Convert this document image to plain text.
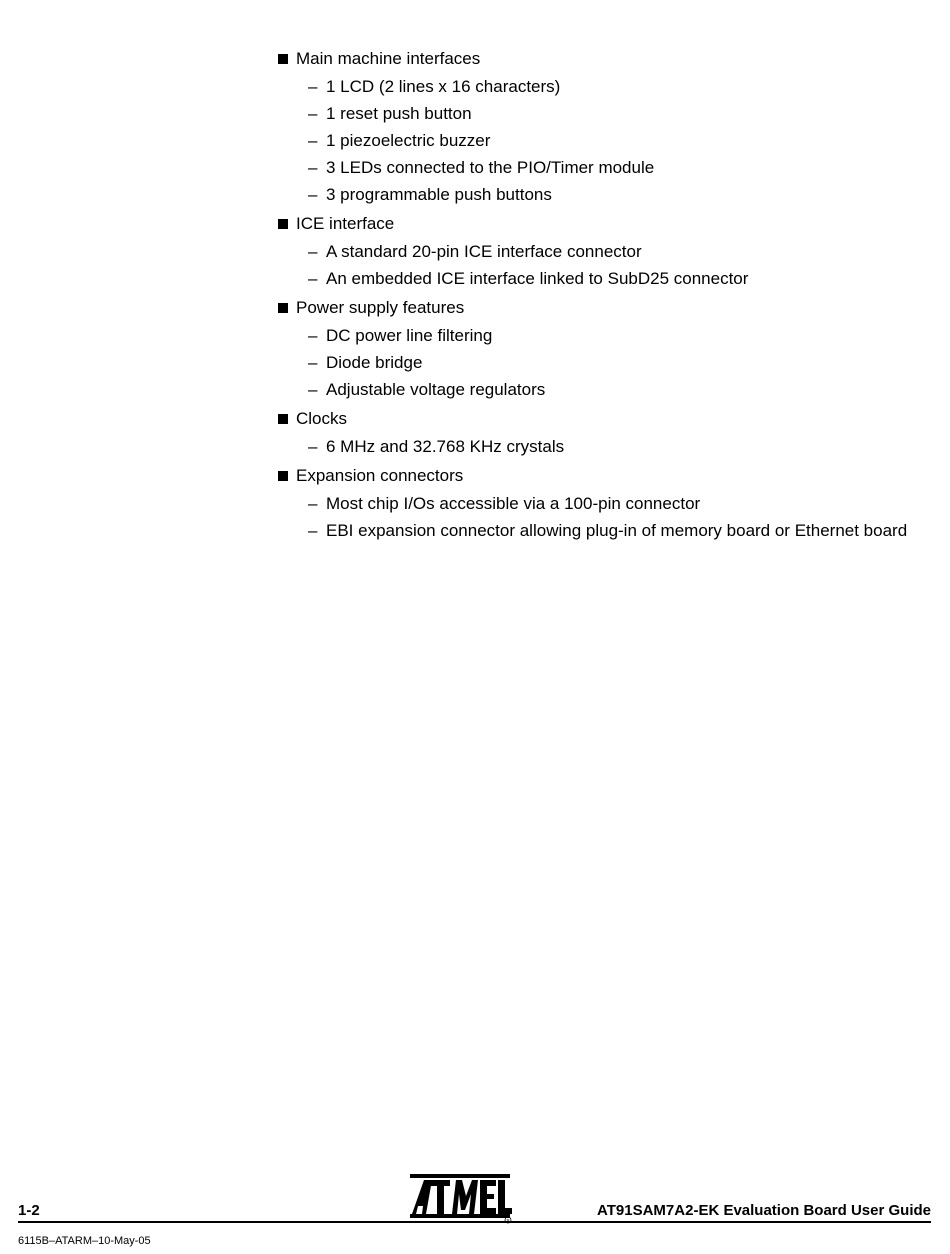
Main machine interfaces
– 1 LCD (2 lines x 16 characters)
– 1 reset push button
– 1 piezoelectric buzzer
– 3 LEDs connected to the PIO/Timer module
– 3 programmable push buttons
ICE interface
– A standard 20-pin ICE interface connector
– An embedded ICE interface linked to SubD25 connector
Power supply features
– DC power line filtering
– Diode bridge
– Adjustable voltage regulators
Clocks
– 6 MHz and 32.768 KHz crystals
Expansion connectors
– Most chip I/Os accessible via a 100-pin connector
– EBI expansion connector allowing plug-in of memory board or Ethernet board
1-2	AT91SAM7A2-EK Evaluation Board User Guide
6115B–ATARM–10-May-05
